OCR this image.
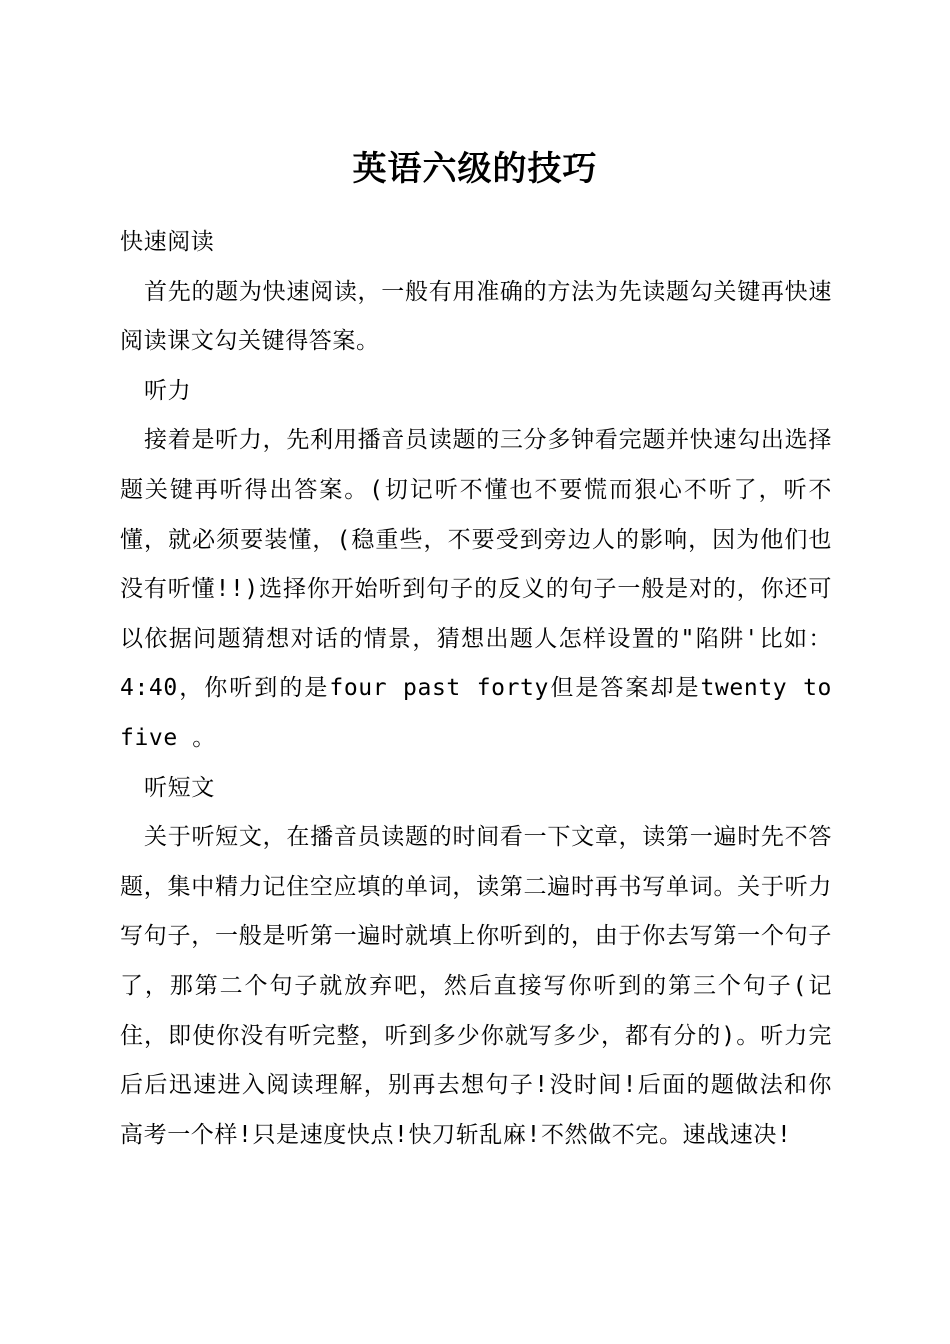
英语六级的技巧

快速阅读

首先的题为快速阅读，一般有用准确的方法为先读题勾关键再快速阅读课文勾关键得答案。

听力

接着是听力，先利用播音员读题的三分多钟看完题并快速勾出选择题关键再听得出答案。(切记听不懂也不要慌而狠心不听了，听不懂，就必须要装懂，(稳重些，不要受到旁边人的影响，因为他们也没有听懂!!)选择你开始听到句子的反义的句子一般是对的，你还可以依据问题猜想对话的情景，猜想出题人怎样设置的"陷阱'比如：4:40，你听到的是four past forty但是答案却是twenty to five 。

听短文

关于听短文，在播音员读题的时间看一下文章，读第一遍时先不答题，集中精力记住空应填的单词，读第二遍时再书写单词。关于听力写句子，一般是听第一遍时就填上你听到的，由于你去写第一个句子了，那第二个句子就放弃吧，然后直接写你听到的第三个句子(记住，即使你没有听完整，听到多少你就写多少，都有分的)。听力完后后迅速进入阅读理解，别再去想句子!没时间!后面的题做法和你高考一个样!只是速度快点!快刀斩乱麻!不然做不完。速战速决!
